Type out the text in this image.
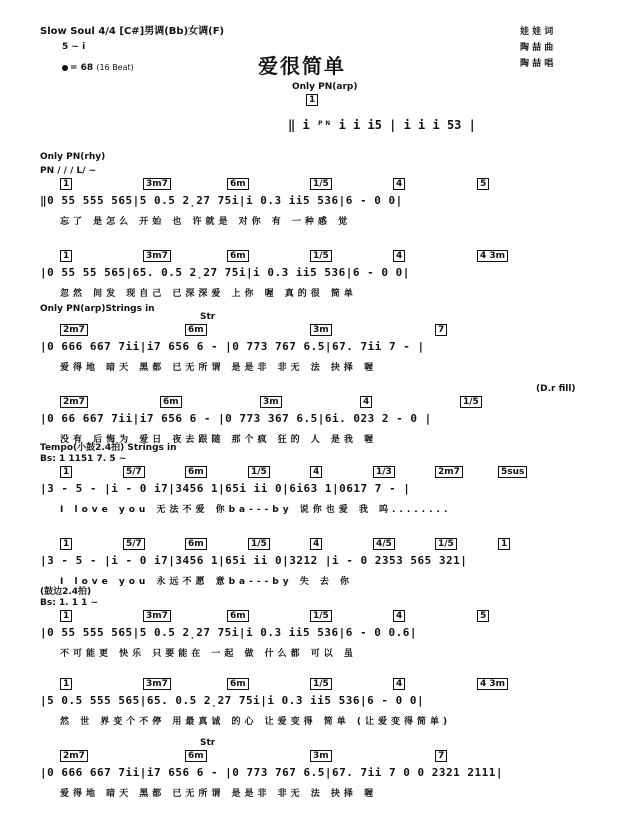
Slow Soul 4/4 [C#]男调(Bb)女调(F)
5 ~ i
= 68 (16 Beat)	爱很简单
娃 娃 词
陶 喆 曲
陶 喆 唱
Only PN(arp)
1
‖ i ᴾᴺ i i i5 | i i i 53 |
Only PN(rhy)
PN / / / L/ ~
1	3m7	6m	1/5	4	5
‖0 55 555 565|5 0.5 2̣27 75i|i 0.3 ii5 536|6 - 0 0|
忘了 是怎么 开始 也 许就是 对你 有 一种感 觉
1	3m7	6m	1/5	4	4 3m
|0 55 55 565|65. 0.5 2̣27 75i|i 0.3 ii5 536|6 - 0 0|
忽然 间发 现自己 已深深爱 上你 喔 真的很 简单
Only PN(arp)Strings in
Str
2m7	6m	3m	7
|0 666 667 7ii|i7 656 6 - |0 773 767 6.5|67. 7ii 7 - |
爱得地 暗天 黑都 已无所谓 是是非 非无 法 抉择 喔
(D.r fill)
2m7	6m	3m	4	1/5
|0 66 667 7ii|i7 656 6 - |0 773 367 6.5|6i. 023 2 - 0 |
没有 后悔为 爱日 夜去跟随 那个疯 狂的 人 是我 喔
Tempo(小鼓2.4拍) Strings in
Bs: 1 1151 7. 5 ~
1	5/7	6m	1/5	4	1/3	2m7	5sus
|3 - 5 - |i - 0 i7|3456 1|65i ii 0|6i63 1|0617 7 - |
I love you 无法不爱 你ba---by 说你也爱 我 呜........
1	5/7	6m	1/5	4	4/5	1/5	1
|3 - 5 - |i - 0 i7|3456 1|65i ii 0|3212 |i - 0 2353 565 321|
I love you 永远不愿 意ba---by 失 去 你
(鼓边2.4拍)
Bs: 1. 1 1 ~
1	3m7	6m	1/5	4	5
|0 55 555 565|5 0.5 2̣27 75i|i 0.3 ii5 536|6 - 0 0.6|
不可能更 快乐 只要能在 一起 做 什么都 可以 虽
1	3m7	6m	1/5	4	4 3m
|5 0.5 555 565|65. 0.5 2̣27 75i|i 0.3 ii5 536|6 - 0 0|
然 世 界变个不停 用最真诚 的心 让爱变得 简单 (让爱变得简单)
Str
2m7	6m	3m	7
|0 666 667 7ii|i7 656 6 - |0 773 767 6.5|67. 7ii 7 0 0 2321 2111|
爱得地 暗天 黑都 已无所谓 是是非 非无 法 抉择 喔
